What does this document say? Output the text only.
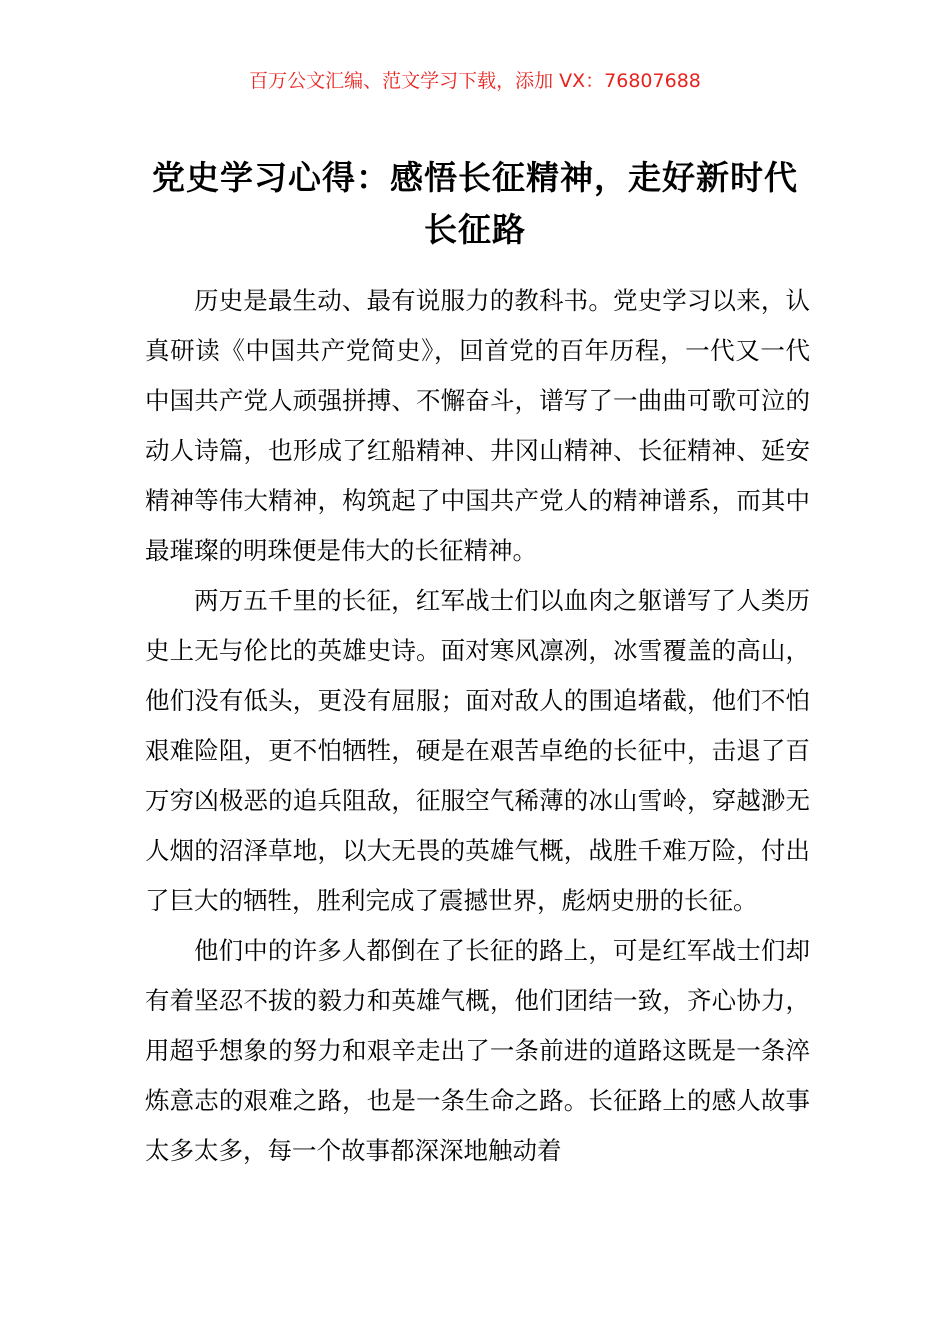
百万公文汇编、范文学习下载，添加 VX：76807688
党史学习心得：感悟长征精神，走好新时代长征路

历史是最生动、最有说服力的教科书。党史学习以来，认真研读《中国共产党简史》，回首党的百年历程，一代又一代中国共产党人顽强拼搏、不懈奋斗，谱写了一曲曲可歌可泣的动人诗篇，也形成了红船精神、井冈山精神、长征精神、延安精神等伟大精神，构筑起了中国共产党人的精神谱系，而其中最璀璨的明珠便是伟大的长征精神。

两万五千里的长征，红军战士们以血肉之躯谱写了人类历史上无与伦比的英雄史诗。面对寒风凛冽，冰雪覆盖的高山，他们没有低头，更没有屈服；面对敌人的围追堵截，他们不怕艰难险阻，更不怕牺牲，硬是在艰苦卓绝的长征中，击退了百万穷凶极恶的追兵阻敌，征服空气稀薄的冰山雪岭，穿越渺无人烟的沼泽草地，以大无畏的英雄气概，战胜千难万险，付出了巨大的牺牲，胜利完成了震撼世界，彪炳史册的长征。

他们中的许多人都倒在了长征的路上，可是红军战士们却有着坚忍不拔的毅力和英雄气概，他们团结一致，齐心协力，用超乎想象的努力和艰辛走出了一条前进的道路这既是一条淬炼意志的艰难之路，也是一条生命之路。长征路上的感人故事太多太多，每一个故事都深深地触动着
